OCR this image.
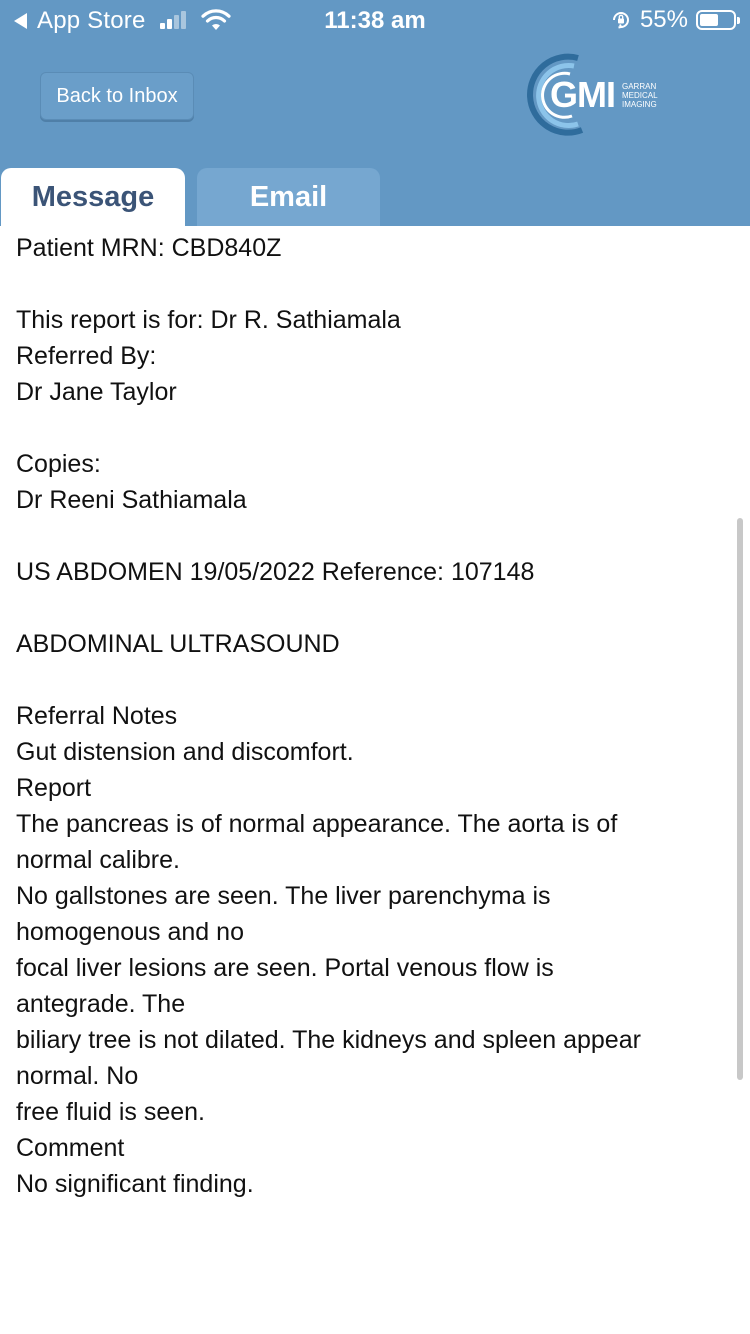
App Store	11:38 am	55%
Back to Inbox	GMI GARRAN
MEDICAL
IMAGING
Message	Email
Patient MRN: CBD840Z
This report is for: Dr R. Sathiamala
Referred By:
Dr Jane Taylor
Copies:
Dr Reeni Sathiamala
US ABDOMEN 19/05/2022 Reference: 107148
ABDOMINAL ULTRASOUND
Referral Notes
Gut distension and discomfort.
Report
The pancreas is of normal appearance. The aorta is of
normal calibre.
No gallstones are seen. The liver parenchyma is
homogenous and no
focal liver lesions are seen. Portal venous flow is
antegrade. The
biliary tree is not dilated. The kidneys and spleen appear
normal. No
free fluid is seen.
Comment
No significant finding.
